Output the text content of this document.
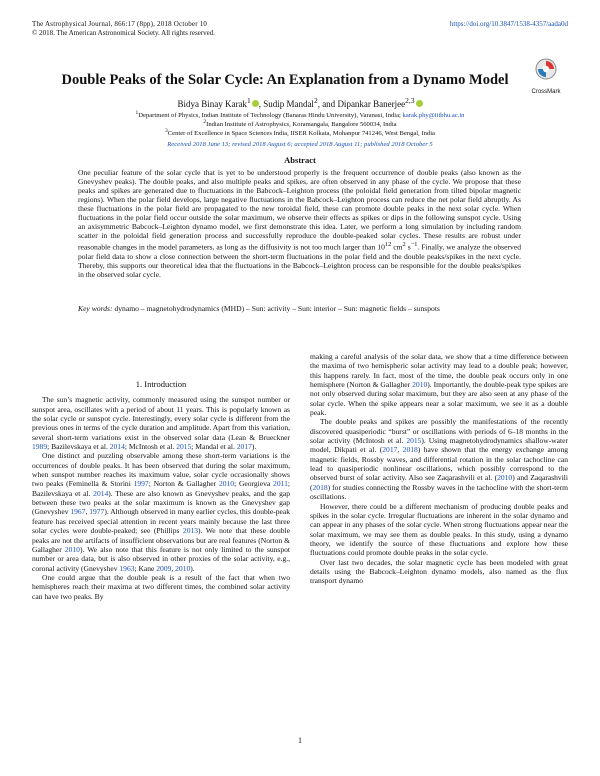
The Astrophysical Journal, 866:17 (8pp), 2018 October 10
© 2018. The American Astronomical Society. All rights reserved.
https://doi.org/10.3847/1538-4357/aada0d
CrossMark
Double Peaks of the Solar Cycle: An Explanation from a Dynamo Model
Bidya Binay Karak$^1$ , Sudip Mandal$^2$, and Dipankar Banerjee$^{2,3}$
$^1$Department of Physics, Indian Institute of Technology (Banaras Hindu University), Varanasi, India; karak.phy@iitbhu.ac.in
$^2$Indian Institute of Astrophysics, Koramangala, Bangalore 560034, India
$^3$Center of Excellence in Space Sciences India, IISER Kolkata, Mohanpur 741246, West Bengal, India
Received 2018 June 13; revised 2018 August 6; accepted 2018 August 11; published 2018 October 5
Abstract
One peculiar feature of the solar cycle that is yet to be understood properly is the frequent occurrence of double peaks (also known as the Gnevyshev peaks). The double peaks, and also multiple peaks and spikes, are often observed in any phase of the cycle. We propose that these peaks and spikes are generated due to fluctuations in the Babcock–Leighton process (the poloidal field generation from tilted bipolar magnetic regions). When the polar field develops, large negative fluctuations in the Babcock–Leighton process can reduce the net polar field abruptly. As these fluctuations in the polar field are propagated to the new toroidal field, these can promote double peaks in the next solar cycle. When fluctuations in the polar field occur outside the solar maximum, we observe their effects as spikes or dips in the following sunspot cycle. Using an axisymmetric Babcock–Leighton dynamo model, we first demonstrate this idea. Later, we perform a long simulation by including random scatter in the poloidal field generation process and successfully reproduce the double-peaked solar cycles. These results are robust under reasonable changes in the model parameters, as long as the diffusivity is not too much larger than $10^{12}$ $cm^2$ $s^{-1}$. Finally, we analyze the observed polar field data to show a close connection between the short-term fluctuations in the polar field and the double peaks/spikes in the next cycle. Thereby, this supports our theoretical idea that the fluctuations in the Babcock–Leighton process can be responsible for the double peaks/spikes in the observed solar cycle.
Key words: dynamo – magnetohydrodynamics (MHD) – Sun: activity – Sun: interior – Sun: magnetic fields – sunspots
1. Introduction

The sun’s magnetic activity, commonly measured using the sunspot number or sunspot area, oscillates with a period of about 11 years. This is popularly known as the solar cycle or sunspot cycle. Interestingly, every solar cycle is different from the previous ones in terms of the cycle duration and amplitude. Apart from this variation, several short-term variations exist in the observed solar data (Lean & Brueckner 1989; Bazilevskaya et al. 2014; McIntosh et al. 2015; Mandal et al. 2017).

One distinct and puzzling observable among these short-term variations is the occurrences of double peaks. It has been observed that during the solar maximum, when sunspot number reaches its maximum value, solar cycle occasionally shows two peaks (Feminella & Storini 1997; Norton & Gallagher 2010; Georgieva 2011; Bazilevskaya et al. 2014). These are also known as Gnevyshev peaks, and the gap between these two peaks at the solar maximum is known as the Gnevyshev gap (Gnevyshev 1967, 1977). Although observed in many earlier cycles, this double-peak feature has received special attention in recent years mainly because the last three solar cycles were double-peaked; see (Phillips 2013). We note that these double peaks are not the artifacts of insufficient observations but are real features (Norton & Gallagher 2010). We also note that this feature is not only limited to the sunspot number or area data, but is also observed in other proxies of the solar activity, e.g., coronal activity (Gnevyshev 1963; Kane 2009, 2010).

One could argue that the double peak is a result of the fact that when two hemispheres reach their maxima at two different times, the combined solar activity can have two peaks. By

making a careful analysis of the solar data, we show that a time difference between the maxima of two hemispheric solar activity may lead to a double peak; however, this happens rarely. In fact, most of the time, the double peak occurs only in one hemisphere (Norton & Gallagher 2010). Importantly, the double-peak type spikes are not only observed during solar maximum, but they are also seen at any phase of the solar cycle. When the spike appears near a solar maximum, we see it as a double peak.

The double peaks and spikes are possibly the manifestations of the recently discovered quasiperiodic “burst” or oscillations with periods of 6–18 months in the solar activity (McIntosh et al. 2015). Using magnetohydrodynamics shallow-water model, Dikpati et al. (2017, 2018) have shown that the energy exchange among magnetic fields, Rossby waves, and differential rotation in the solar tachocline can lead to quasiperiodic nonlinear oscillations, which possibly correspond to the observed burst of solar activity. Also see Zaqarashvili et al. (2010) and Zaqarashvili (2018) for studies connecting the Rossby waves in the tachocline with the short-term oscillations.

However, there could be a different mechanism of producing double peaks and spikes in the solar cycle. Irregular fluctuations are inherent in the solar dynamo and can appear in any phases of the solar cycle. When strong fluctuations appear near the solar maximum, we may see them as double peaks. In this study, using a dynamo theory, we identify the source of these fluctuations and explore how these fluctuations could promote double peaks in the solar cycle.

Over last two decades, the solar magnetic cycle has been modeled with great details using the Babcock–Leighton dynamo models, also named as the flux transport dynamo

1
